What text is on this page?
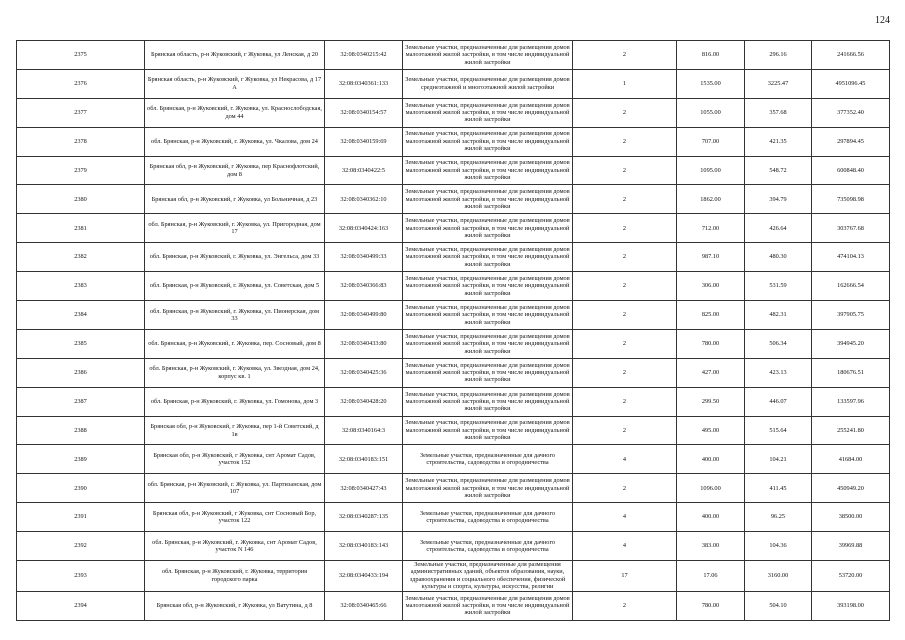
124
2375	Брянская область, р-н Жуковский, г Жуковка, ул Ленская, д 20	32:08:0340215:42	Земельные участки, предназначенные для размещения домов малоэтажной жилой застройки, в том числе индивидуальной жилой застройки	2	816.00	296.16	241666.56
2376	Брянская область, р-н Жуковский, г Жуковка, ул Некрасова, д 17 А	32:08:0340361:133	Земельные участки, предназначенные для размещения домов среднеэтажной и многоэтажной жилой застройки	1	1535.00	3225.47	4951096.45
2377	обл. Брянская, р-н Жуковский, г. Жуковка, ул. Краснослободская, дом 44	32:08:0340154:57	Земельные участки, предназначенные для размещения домов малоэтажной жилой застройки, в том числе индивидуальной жилой застройки	2	1055.00	357.68	377352.40
2378	обл. Брянская, р-н Жуковский, г. Жуковка, ул. Чкалова, дом 24	32:08:0340159:69	Земельные участки, предназначенные для размещения домов малоэтажной жилой застройки, в том числе индивидуальной жилой застройки	2	707.00	421.35	297894.45
2379	Брянская обл, р-н Жуковский, г Жуковка, пер Краснофлотский, дом 8	32:08:0340422:5	Земельные участки, предназначенные для размещения домов малоэтажной жилой застройки, в том числе индивидуальной жилой застройки	2	1095.00	548.72	600848.40
2380	Брянская обл, р-н Жуковский, г Жуковка, ул Больничная, д 23	32:08:0340362:10	Земельные участки, предназначенные для размещения домов малоэтажной жилой застройки, в том числе индивидуальной жилой застройки	2	1862.00	394.79	735098.98
2381	обл. Брянская, р-н Жуковский, г. Жуковка, ул. Пригородная, дом 17	32:08:0340424:163	Земельные участки, предназначенные для размещения домов малоэтажной жилой застройки, в том числе индивидуальной жилой застройки	2	712.00	426.64	303767.68
2382	обл. Брянская, р-н Жуковский, г. Жуковка, ул. Энгельса, дом 33	32:08:0340499:33	Земельные участки, предназначенные для размещения домов малоэтажной жилой застройки, в том числе индивидуальной жилой застройки	2	987.10	480.30	474104.13
2383	обл. Брянская, р-н Жуковский, г. Жуковка, ул. Советская, дом 5	32:08:0340366:83	Земельные участки, предназначенные для размещения домов малоэтажной жилой застройки, в том числе индивидуальной жилой застройки	2	306.00	531.59	162666.54
2384	обл. Брянская, р-н Жуковский, г. Жуковка, ул. Пионерская, дом 33	32:08:0340499:80	Земельные участки, предназначенные для размещения домов малоэтажной жилой застройки, в том числе индивидуальной жилой застройки	2	825.00	482.31	397905.75
2385	обл. Брянская, р-н Жуковский, г. Жуковка, пер. Сосновый, дом 8	32:08:0340433:80	Земельные участки, предназначенные для размещения домов малоэтажной жилой застройки, в том числе индивидуальной жилой застройки	2	780.00	506.34	394945.20
2386	обл. Брянская, р-н Жуковский, г. Жуковка, ул. Звездная, дом 24, корпус кв. 1	32:08:0340425:36	Земельные участки, предназначенные для размещения домов малоэтажной жилой застройки, в том числе индивидуальной жилой застройки	2	427.00	423.13	180676.51
2387	обл. Брянская, р-н Жуковский, г. Жуковка, ул. Гомонова, дом 3	32:08:0340428:20	Земельные участки, предназначенные для размещения домов малоэтажной жилой застройки, в том числе индивидуальной жилой застройки	2	299.50	446.07	133597.96
2388	Брянская обл, р-н Жуковский, г Жуковка, пер 1-й Советский, д 1в	32:08:0340164:3	Земельные участки, предназначенные для размещения домов малоэтажной жилой застройки, в том числе индивидуальной жилой застройки	2	495.00	515.64	255241.80
2389	Брянская обл, р-н Жуковский, г Жуковка, снт Аромат Садов, участок 152	32:08:0340183:151	Земельные участки, предназначенные для дачного строительства, садоводства и огородничества	4	400.00	104.21	41684.00
2390	обл. Брянская, р-н Жуковский, г. Жуковка, ул. Партизанская, дом 107	32:08:0340427:43	Земельные участки, предназначенные для размещения домов малоэтажной жилой застройки, в том числе индивидуальной жилой застройки	2	1096.00	411.45	450949.20
2391	Брянская обл, р-н Жуковский, г Жуковка, снт Сосновый Бор, участок 122	32:08:0340287:135	Земельные участки, предназначенные для дачного строительства, садоводства и огородничества	4	400.00	96.25	38500.00
2392	обл. Брянская, р-н Жуковский, г. Жуковка, снт Аромат Садов, участок N 146	32:08:0340183:143	Земельные участки, предназначенные для дачного строительства, садоводства и огородничества	4	383.00	104.36	39969.88
2393	обл. Брянская, р-н Жуковский, г. Жуковка, территория городского парка	32:08:0340433:194	Земельные участки, предназначенные для размещения административных зданий, объектов образования, науки, здравоохранения и социального обеспечения, физической культуры и спорта, культуры, искусства, религии	17	17.06	3160.00	53720.00
2394	Брянская обл, р-н Жуковский, г Жуковка, ул Ватутина, д 8	32:08:0340465:66	Земельные участки, предназначенные для размещения домов малоэтажной жилой застройки, в том числе индивидуальной жилой застройки	2	780.00	504.10	393198.00
